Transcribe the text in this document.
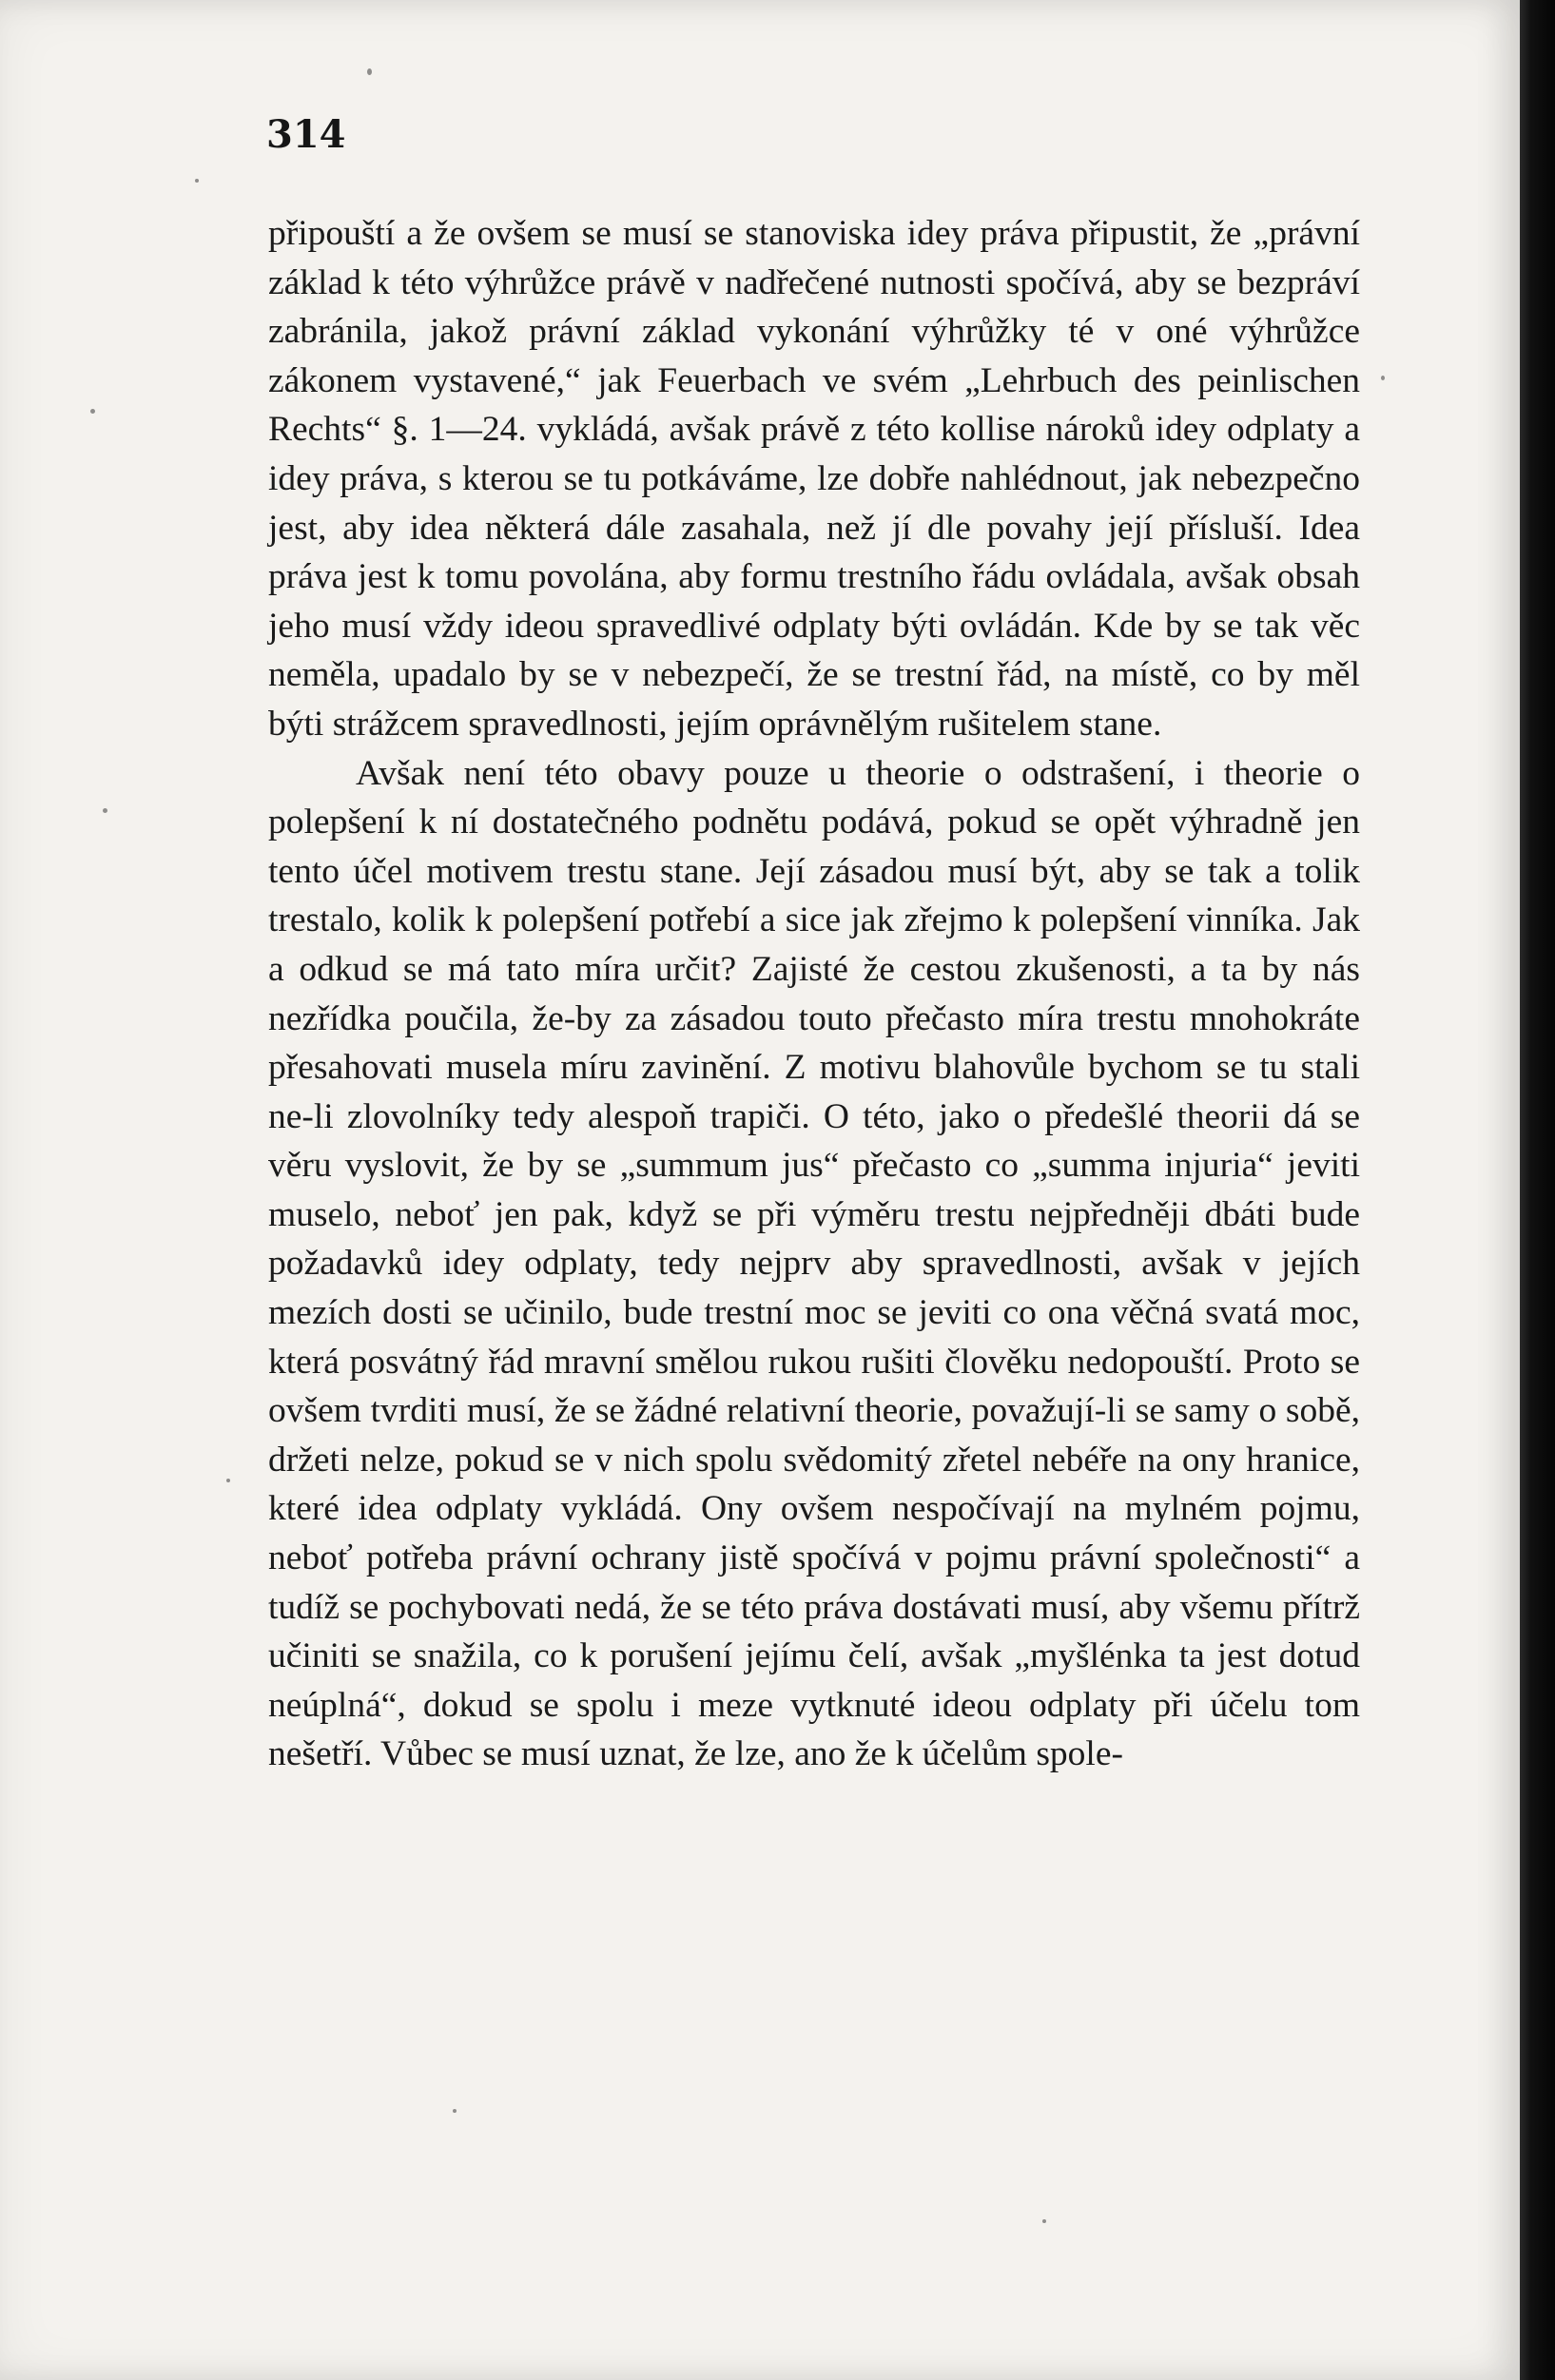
314

připouští a že ovšem se musí se stanoviska idey práva připustit, že „právní základ k této výhrůžce právě v nadřečené nutnosti spočívá, aby se bezpráví zabránila, jakož právní základ vykonání výhrůžky té v oné výhrůžce zákonem vystavené,“ jak Feuerbach ve svém „Lehrbuch des peinlischen Rechts“ §. 1—24. vykládá, avšak právě z této kollise nároků idey odplaty a idey práva, s kterou se tu potkáváme, lze dobře nahlédnout, jak nebezpečno jest, aby idea některá dále zasahala, než jí dle povahy její přísluší. Idea práva jest k tomu povolána, aby formu trestního řádu ovládala, avšak obsah jeho musí vždy ideou spravedlivé odplaty býti ovládán. Kde by se tak věc neměla, upadalo by se v nebezpečí, že se trestní řád, na místě, co by měl býti strážcem spravedlnosti, jejím oprávnělým rušitelem stane.

Avšak není této obavy pouze u theorie o odstrašení, i theorie o polepšení k ní dostatečného podnětu podává, pokud se opět výhradně jen tento účel motivem trestu stane. Její zásadou musí být, aby se tak a tolik trestalo, kolik k polepšení potřebí a sice jak zřejmo k polepšení vinníka. Jak a odkud se má tato míra určit? Zajisté že cestou zkušenosti, a ta by nás nezřídka poučila, že-by za zásadou touto přečasto míra trestu mnohokráte přesahovati musela míru zavinění. Z motivu blahovůle bychom se tu stali ne-li zlovolníky tedy alespoň trapiči. O této, jako o předešlé theorii dá se věru vyslovit, že by se „summum jus“ přečasto co „summa injuria“ jeviti muselo, neboť jen pak, když se při výměru trestu nejpředněji dbáti bude požadavků idey odplaty, tedy nejprv aby spravedlnosti, avšak v jejích mezích dosti se učinilo, bude trestní moc se jeviti co ona věčná svatá moc, která posvátný řád mravní smělou rukou rušiti člověku nedopouští. Proto se ovšem tvrditi musí, že se žádné relativní theorie, považují-li se samy o sobě, držeti nelze, pokud se v nich spolu svědomitý zřetel nebéře na ony hranice, které idea odplaty vykládá. Ony ovšem nespočívají na mylném pojmu, neboť potřeba právní ochrany jistě spočívá v pojmu právní společnosti“ a tudíž se pochybovati nedá, že se této práva dostávati musí, aby všemu přítrž učiniti se snažila, co k porušení jejímu čelí, avšak „myšlénka ta jest dotud neúplná“, dokud se spolu i meze vytknuté ideou odplaty při účelu tom nešetří. Vůbec se musí uznat, že lze, ano že k účelům spole-
